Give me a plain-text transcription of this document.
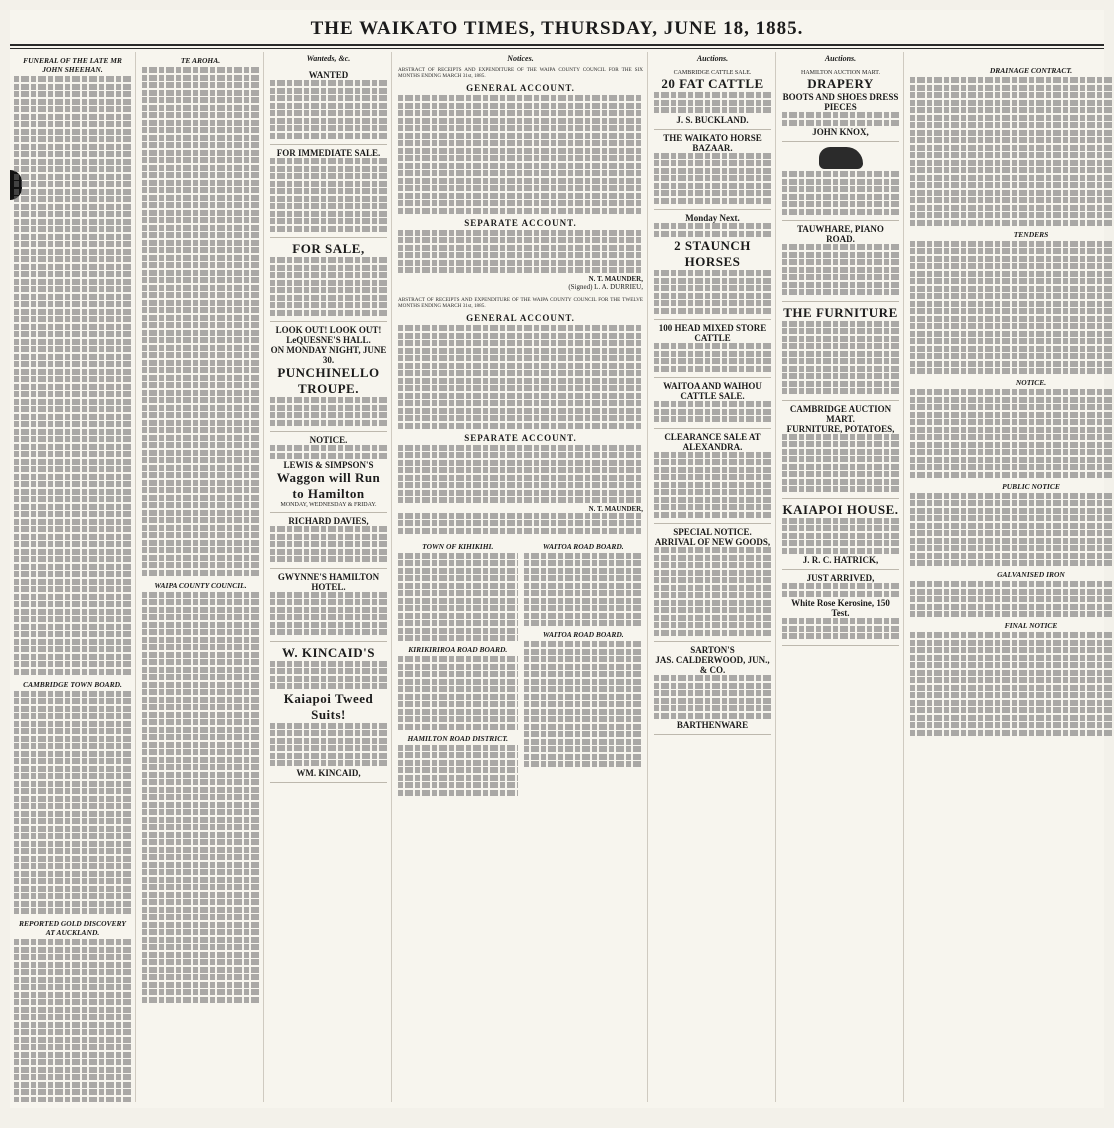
THE WAIKATO TIMES, THURSDAY, JUNE 18, 1885.
FUNERAL OF THE LATE MR JOHN SHEEHAN.
CAMBRIDGE TOWN BOARD.
REPORTED GOLD DISCOVERY AT AUCKLAND.
TE AROHA.
WAIPA COUNTY COUNCIL.
Wanteds, &c.
WANTED
FOR IMMEDIATE SALE.
FOR SALE,
LOOK OUT! LOOK OUT!
LeQUESNE'S HALL.
ON MONDAY NIGHT, JUNE 30.
PUNCHINELLO TROUPE.
NOTICE.
LEWIS & SIMPSON'S
Waggon will Run to Hamilton
MONDAY, WEDNESDAY & FRIDAY.
RICHARD DAVIES,
GWYNNE'S HAMILTON HOTEL.
W. KINCAID'S
Kaiapoi Tweed Suits!
WM. KINCAID,
Notices.
ABSTRACT OF RECEIPTS AND EXPENDITURE OF THE WAIPA COUNTY COUNCIL FOR THE SIX MONTHS ENDING MARCH 31st, 1885.
GENERAL ACCOUNT.
SEPARATE ACCOUNT.
N. T. MAUNDER,
(Signed) L. A. DURRIEU,
ABSTRACT OF RECEIPTS AND EXPENDITURE OF THE WAIPA COUNTY COUNCIL FOR THE TWELVE MONTHS ENDING MARCH 31st, 1885.
GENERAL ACCOUNT.
SEPARATE ACCOUNT.
N. T. MAUNDER,
TOWN OF KIHIKIHI.
KIRIKIRIROA ROAD BOARD.
HAMILTON ROAD DISTRICT.
WAITOA ROAD BOARD.
WAITOA ROAD BOARD.
Auctions.
CAMBRIDGE CATTLE SALE.
20 FAT CATTLE
J. S. BUCKLAND.
THE WAIKATO HORSE BAZAAR.
Monday Next.
2 STAUNCH HORSES
100 HEAD MIXED STORE CATTLE
WAITOA AND WAIHOU CATTLE SALE.
CLEARANCE SALE AT ALEXANDRA.
SPECIAL NOTICE.
ARRIVAL OF NEW GOODS,
SARTON'S
JAS. CALDERWOOD, JUN., & CO.
BARTHENWARE
Auctions.
HAMILTON AUCTION MART.
DRAPERY
BOOTS AND SHOES DRESS PIECES
JOHN KNOX,
TAUWHARE, PIANO ROAD.
THE FURNITURE
CAMBRIDGE AUCTION MART.
FURNITURE, POTATOES,
KAIAPOI HOUSE.
J. R. C. HATRICK,
JUST ARRIVED,
White Rose Kerosine, 150 Test.
DRAINAGE CONTRACT.
TENDERS
NOTICE.
PUBLIC NOTICE
GALVANISED IRON
FINAL NOTICE
